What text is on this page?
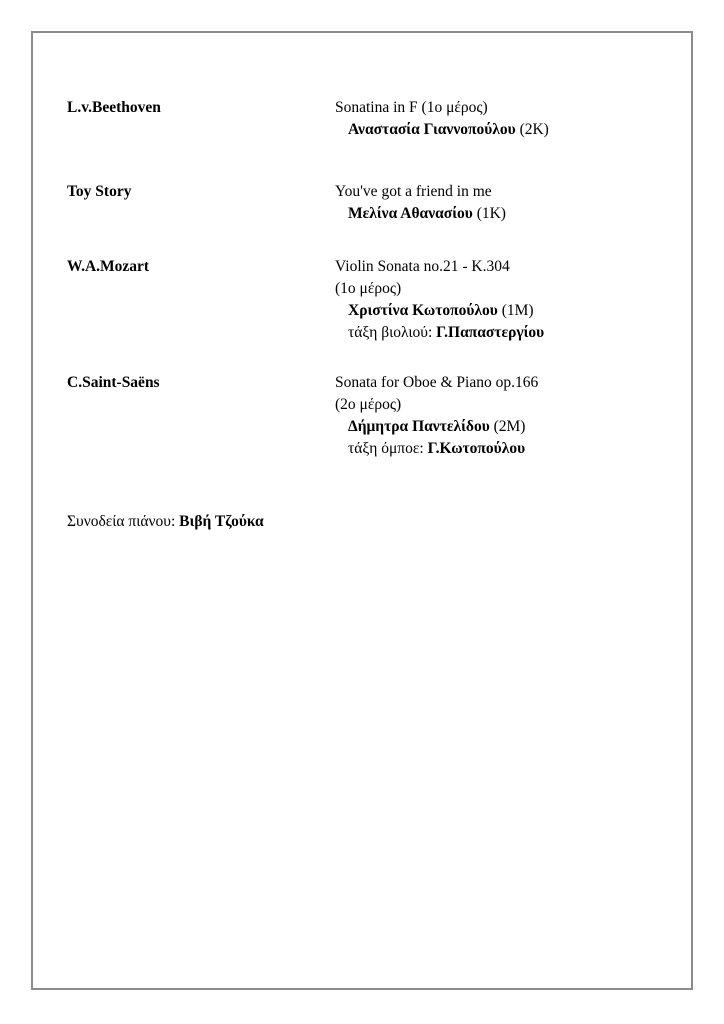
L.v.Beethoven	Sonatina in F (1ο μέρος)
Αναστασία Γιαννοπούλου (2K)
Toy Story	You've got a friend in me
Μελίνα Αθανασίου (1K)
W.A.Mozart	Violin Sonata no.21 - K.304
(1ο μέρος)
Χριστίνα Κωτοπούλου (1M)
τάξη βιολιού: Γ.Παπαστεργίου
C.Saint-Saëns	Sonata for Oboe & Piano op.166
(2ο μέρος)
Δήμητρα Παντελίδου (2M)
τάξη όμποε: Γ.Κωτοπούλου
Συνοδεία πιάνου: Βιβή Τζούκα
